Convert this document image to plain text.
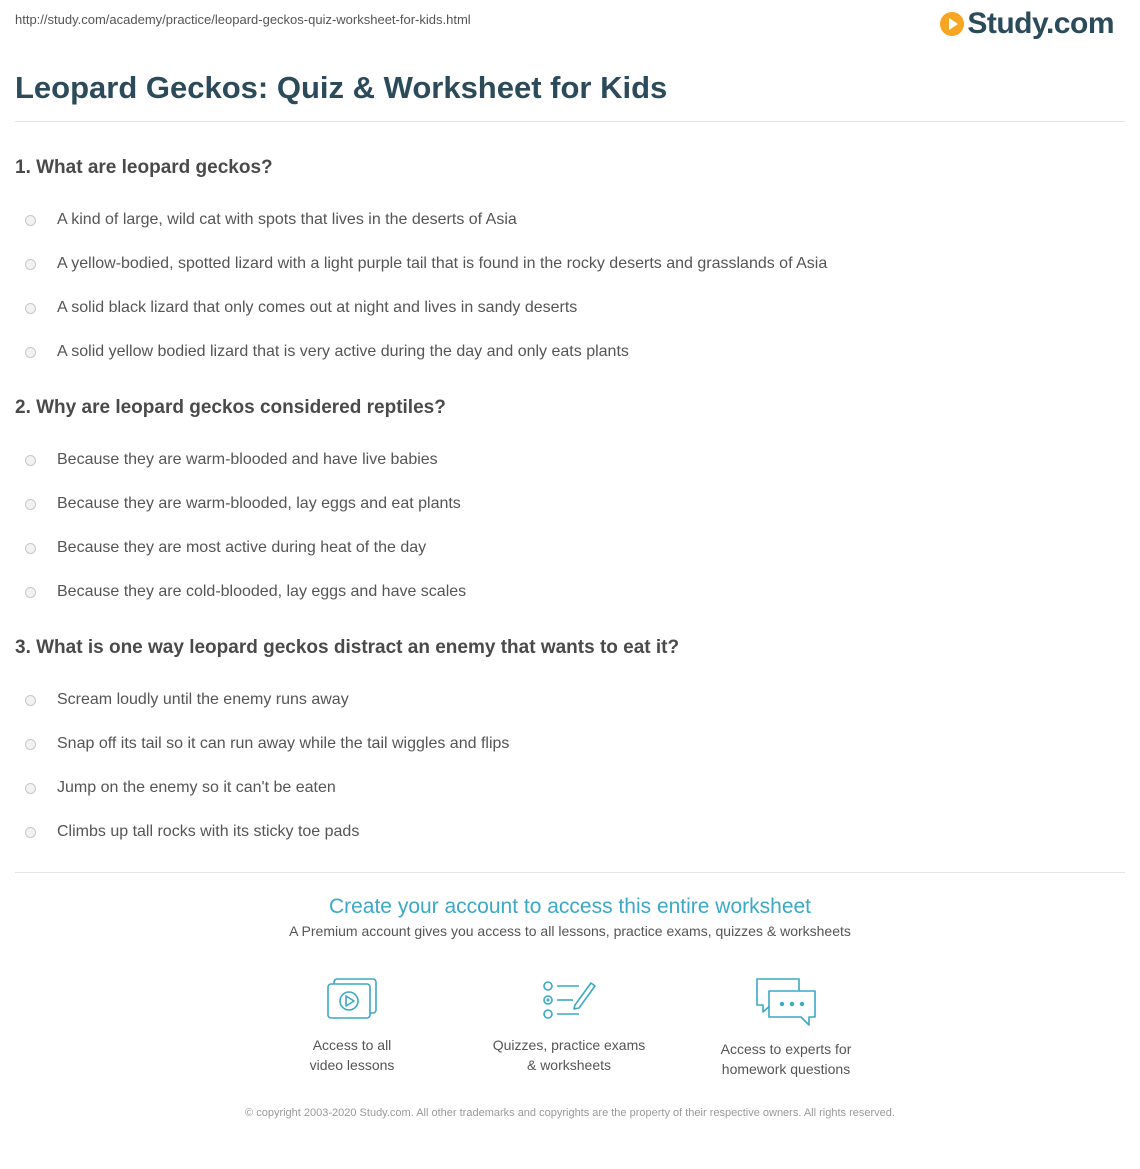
http://study.com/academy/practice/leopard-geckos-quiz-worksheet-for-kids.html	Study.com
Leopard Geckos: Quiz & Worksheet for Kids
1. What are leopard geckos?
A kind of large, wild cat with spots that lives in the deserts of Asia
A yellow-bodied, spotted lizard with a light purple tail that is found in the rocky deserts and grasslands of Asia
A solid black lizard that only comes out at night and lives in sandy deserts
A solid yellow bodied lizard that is very active during the day and only eats plants
2. Why are leopard geckos considered reptiles?
Because they are warm-blooded and have live babies
Because they are warm-blooded, lay eggs and eat plants
Because they are most active during heat of the day
Because they are cold-blooded, lay eggs and have scales
3. What is one way leopard geckos distract an enemy that wants to eat it?
Scream loudly until the enemy runs away
Snap off its tail so it can run away while the tail wiggles and flips
Jump on the enemy so it can't be eaten
Climbs up tall rocks with its sticky toe pads
Create your account to access this entire worksheet
A Premium account gives you access to all lessons, practice exams, quizzes & worksheets
Access to all
video lessons
Quizzes, practice exams
& worksheets
Access to experts for
homework questions
© copyright 2003-2020 Study.com. All other trademarks and copyrights are the property of their respective owners. All rights reserved.
